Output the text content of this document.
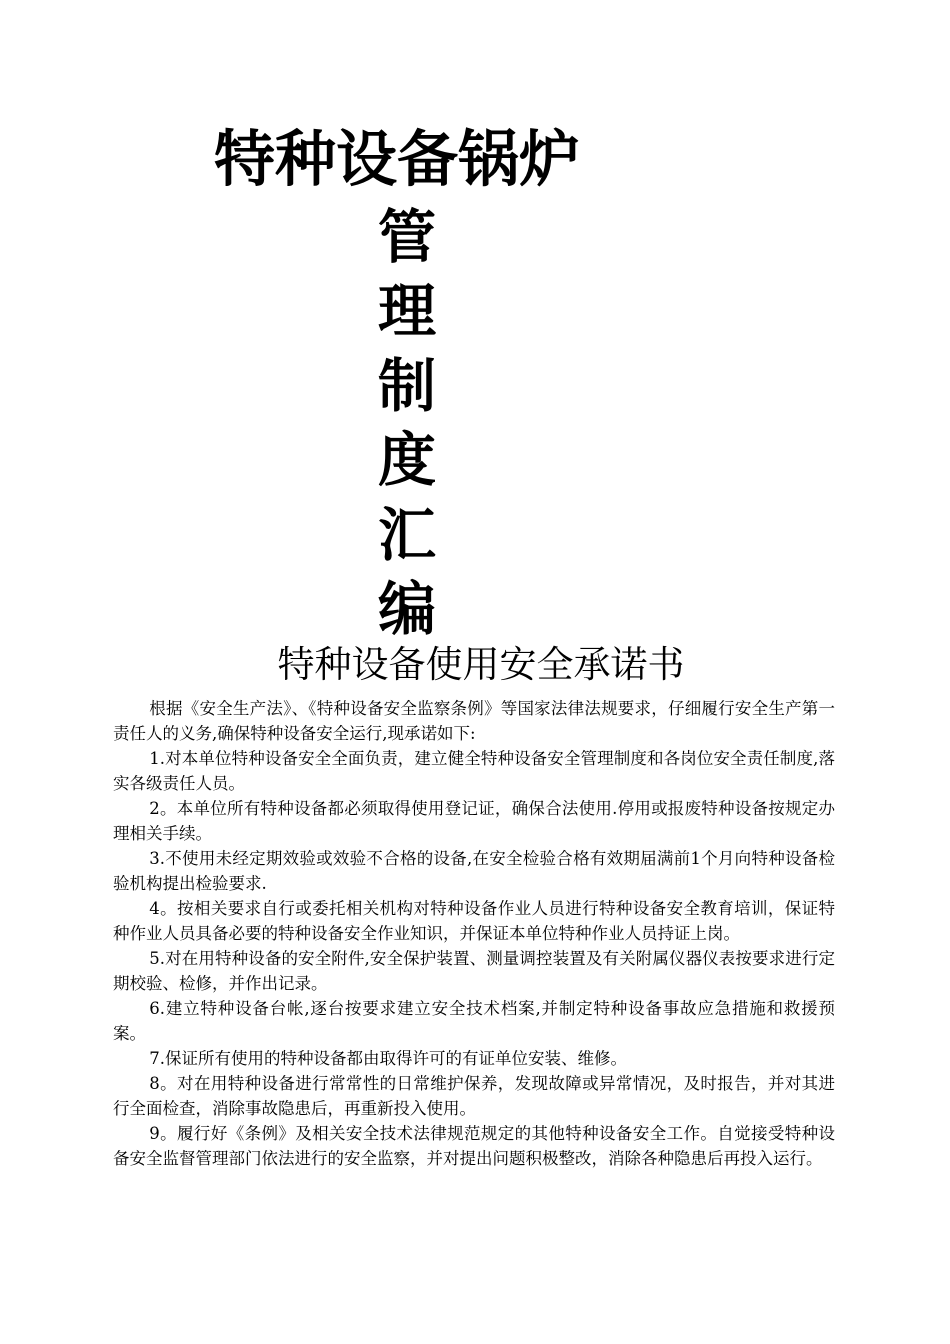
特种设备锅炉
管
理
制
度
汇
编
特种设备使用安全承诺书

根据《安全生产法》、《特种设备安全监察条例》等国家法律法规要求，仔细履行安全生产第一责任人的义务,确保特种设备安全运行,现承诺如下:

1.对本单位特种设备安全全面负责，建立健全特种设备安全管理制度和各岗位安全责任制度,落实各级责任人员。

2。本单位所有特种设备都必须取得使用登记证，确保合法使用.停用或报废特种设备按规定办理相关手续。

3.不使用未经定期效验或效验不合格的设备,在安全检验合格有效期届满前1个月向特种设备检验机构提出检验要求.

4。按相关要求自行或委托相关机构对特种设备作业人员进行特种设备安全教育培训，保证特种作业人员具备必要的特种设备安全作业知识，并保证本单位特种作业人员持证上岗。

5.对在用特种设备的安全附件,安全保护装置、测量调控装置及有关附属仪器仪表按要求进行定期校验、检修，并作出记录。

6.建立特种设备台帐,逐台按要求建立安全技术档案,并制定特种设备事故应急措施和救援预案。

7.保证所有使用的特种设备都由取得许可的有证单位安装、维修。

8。对在用特种设备进行常常性的日常维护保养，发现故障或异常情况，及时报告，并对其进行全面检查，消除事故隐患后，再重新投入使用。

9。履行好《条例》及相关安全技术法律规范规定的其他特种设备安全工作。自觉接受特种设备安全监督管理部门依法进行的安全监察，并对提出问题积极整改，消除各种隐患后再投入运行。
